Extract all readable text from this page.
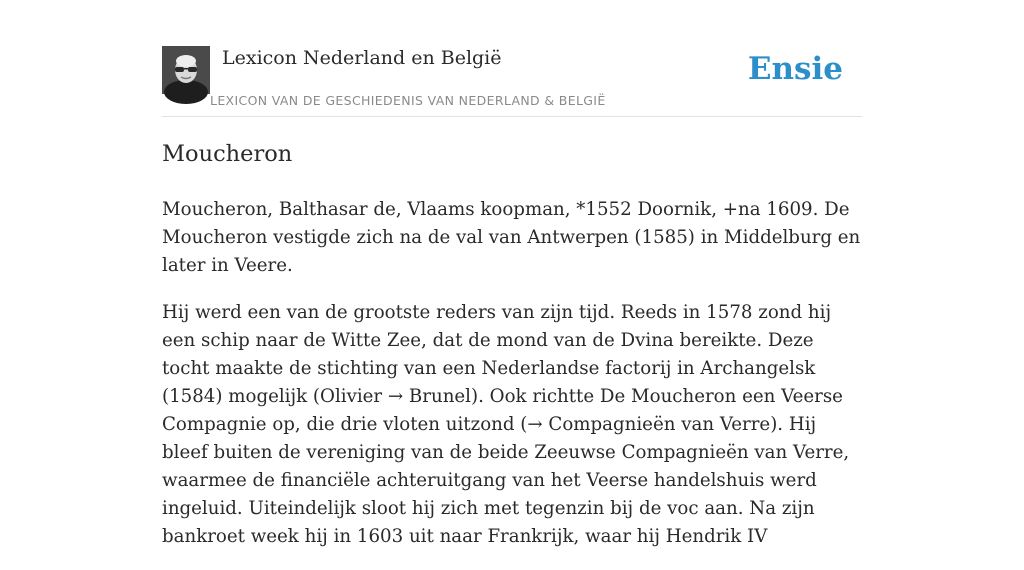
Lexicon Nederland en België
LEXICON VAN DE GESCHIEDENIS VAN NEDERLAND & BELGIË
Ensie
Moucheron

Moucheron, Balthasar de, Vlaams koopman, *1552 Doornik, +na 1609. De Moucheron vestigde zich na de val van Antwerpen (1585) in Middelburg en later in Veere.

Hij werd een van de grootste reders van zijn tijd. Reeds in 1578 zond hij een schip naar de Witte Zee, dat de mond van de Dvina bereikte. Deze tocht maakte de stichting van een Nederlandse factorij in Archangelsk (1584) mogelijk (Olivier → Brunel). Ook richtte De Moucheron een Veerse Compagnie op, die drie vloten uitzond (→ Compagnieën van Verre). Hij bleef buiten de vereniging van de beide Zeeuwse Compagnieën van Verre, waarmee de financiële achteruitgang van het Veerse handelshuis werd ingeluid. Uiteindelijk sloot hij zich met tegenzin bij de voc aan. Na zijn bankroet week hij in 1603 uit naar Frankrijk, waar hij Hendrik IV
